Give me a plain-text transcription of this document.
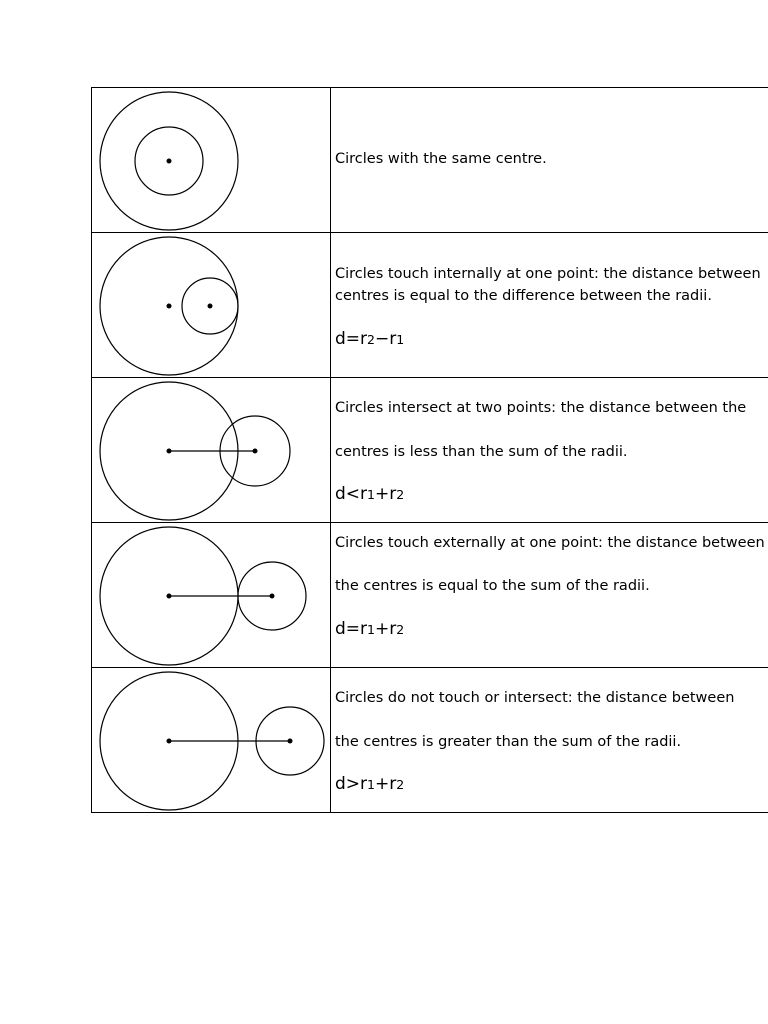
Circles with the same centre.
Circles touch internally at one point: the distance between
centres is equal to the difference between the radii.
d=r2−r1
Circles intersect at two points: the distance between the
centres is less than the sum of the radii.
d<r1+r2
Circles touch externally at one point: the distance between
the centres is equal to the sum of the radii.
d=r1+r2
Circles do not touch or intersect: the distance between
the centres is greater than the sum of the radii.
d>r1+r2
